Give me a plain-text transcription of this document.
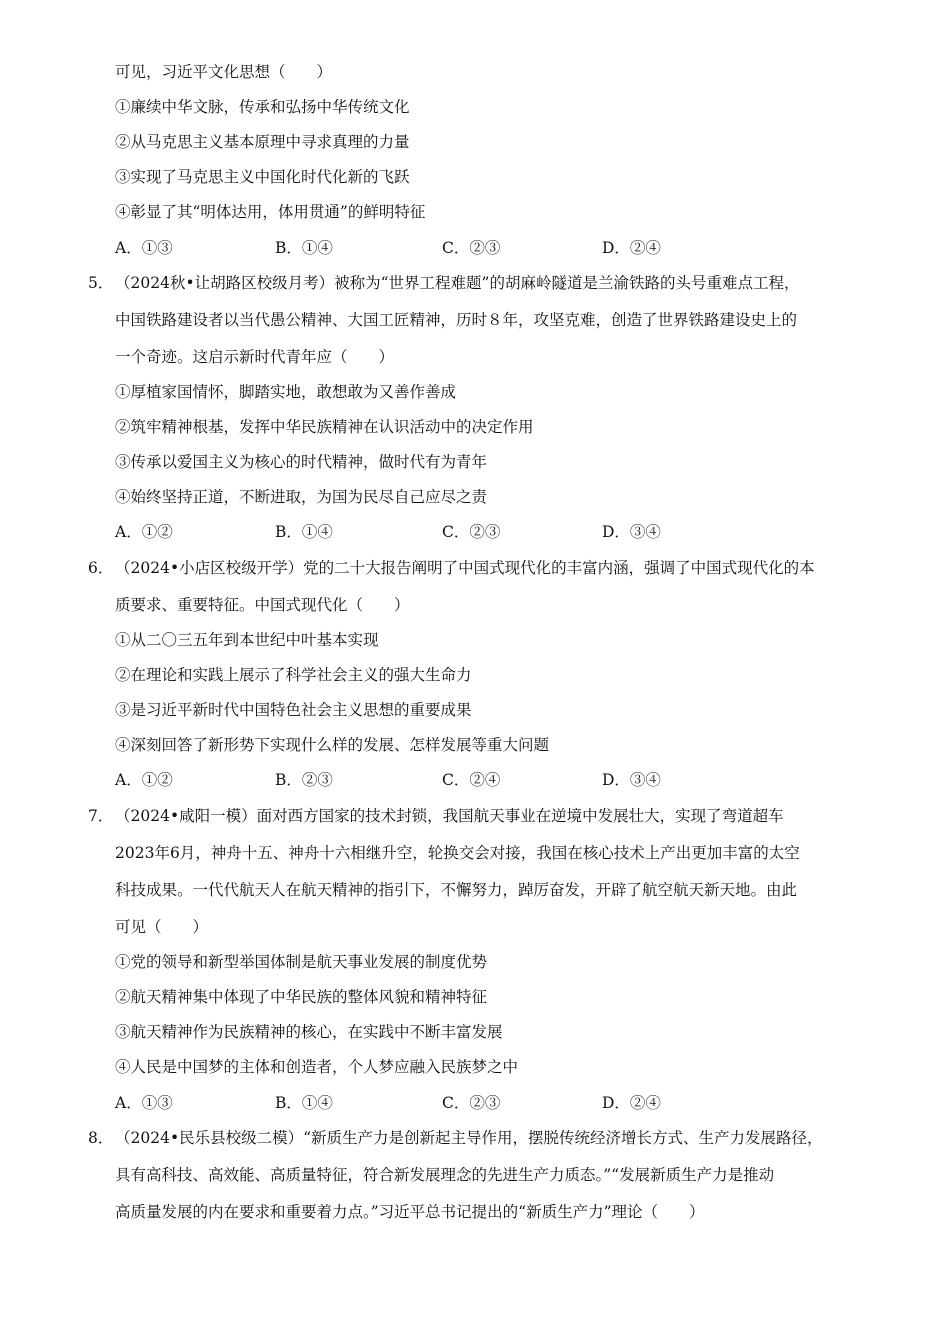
可见，习近平文化思想（　　）
①廉续中华文脉，传承和弘扬中华传统文化
②从马克思主义基本原理中寻求真理的力量
③实现了马克思主义中国化时代化新的飞跃
④彰显了其“明体达用，体用贯通”的鲜明特征
A．①③	B．①④	C．②③	D．②④
5． （2024秋•让胡路区校级月考）被称为“世界工程难题”的胡麻岭隧道是兰渝铁路的头号重难点工程，
中国铁路建设者以当代愚公精神、大国工匠精神，历时８年，攻坚克难，创造了世界铁路建设史上的
一个奇迹。这启示新时代青年应（　　）
①厚植家国情怀，脚踏实地，敢想敢为又善作善成
②筑牢精神根基，发挥中华民族精神在认识活动中的决定作用
③传承以爱国主义为核心的时代精神，做时代有为青年
④始终坚持正道，不断进取，为国为民尽自己应尽之责
A．①②	B．①④	C．②③	D．③④
6． （2024•小店区校级开学）党的二十大报告阐明了中国式现代化的丰富内涵，强调了中国式现代化的本
质要求、重要特征。中国式现代化（　　）
①从二〇三五年到本世纪中叶基本实现
②在理论和实践上展示了科学社会主义的强大生命力
③是习近平新时代中国特色社会主义思想的重要成果
④深刻回答了新形势下实现什么样的发展、怎样发展等重大问题
A．①②	B．②③	C．②④	D．③④
7． （2024•咸阳一模）面对西方国家的技术封锁，我国航天事业在逆境中发展壮大，实现了弯道超车
2023年6月，神舟十五、神舟十六相继升空，轮换交会对接，我国在核心技术上产出更加丰富的太空
科技成果。一代代航天人在航天精神的指引下，不懈努力，踔厉奋发，开辟了航空航天新天地。由此
可见（　　）
①党的领导和新型举国体制是航天事业发展的制度优势
②航天精神集中体现了中华民族的整体风貌和精神特征
③航天精神作为民族精神的核心，在实践中不断丰富发展
④人民是中国梦的主体和创造者，个人梦应融入民族梦之中
A．①③	B．①④	C．②③	D．②④
8． （2024•民乐县校级二模）“新质生产力是创新起主导作用，摆脱传统经济增长方式、生产力发展路径，
具有高科技、高效能、高质量特征，符合新发展理念的先进生产力质态。”“发展新质生产力是推动
高质量发展的内在要求和重要着力点。”习近平总书记提出的“新质生产力”理论（　　）
